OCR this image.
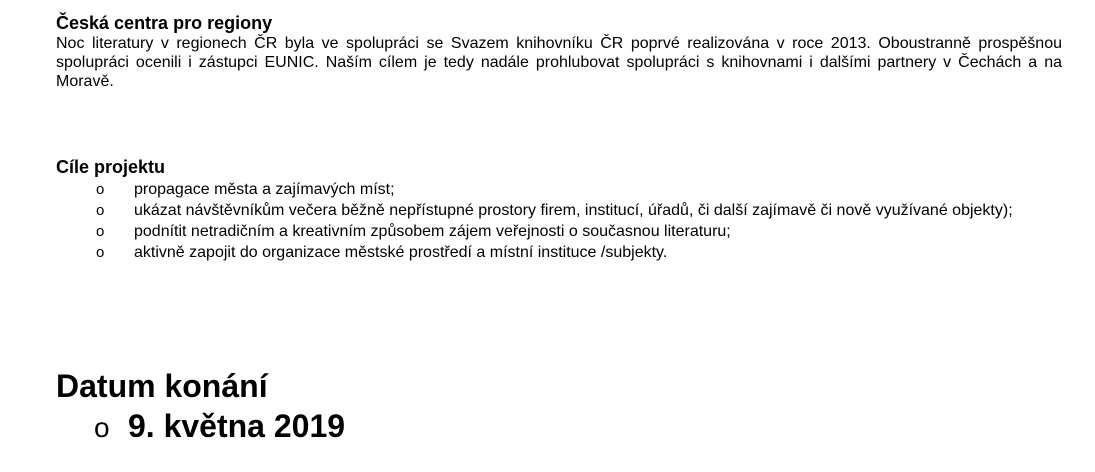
Česká centra pro regiony

Noc literatury v regionech ČR byla ve spolupráci se Svazem knihovníku ČR poprvé realizována v roce 2013. Oboustranně prospěšnou spolupráci ocenili i zástupci EUNIC. Naším cílem je tedy nadále prohlubovat spolupráci s knihovnami i dalšími partnery v Čechách a na Moravě.

Cíle projektu
o propagace města a zajímavých míst;
o ukázat návštěvníkům večera běžně nepřístupné prostory firem, institucí, úřadů, či další zajímavě či nově využívané objekty);
o podnítit netradičním a kreativním způsobem zájem veřejnosti o současnou literaturu;
o aktivně zapojit do organizace městské prostředí a místní instituce /subjekty.
Datum konání
o 9. května 2019
